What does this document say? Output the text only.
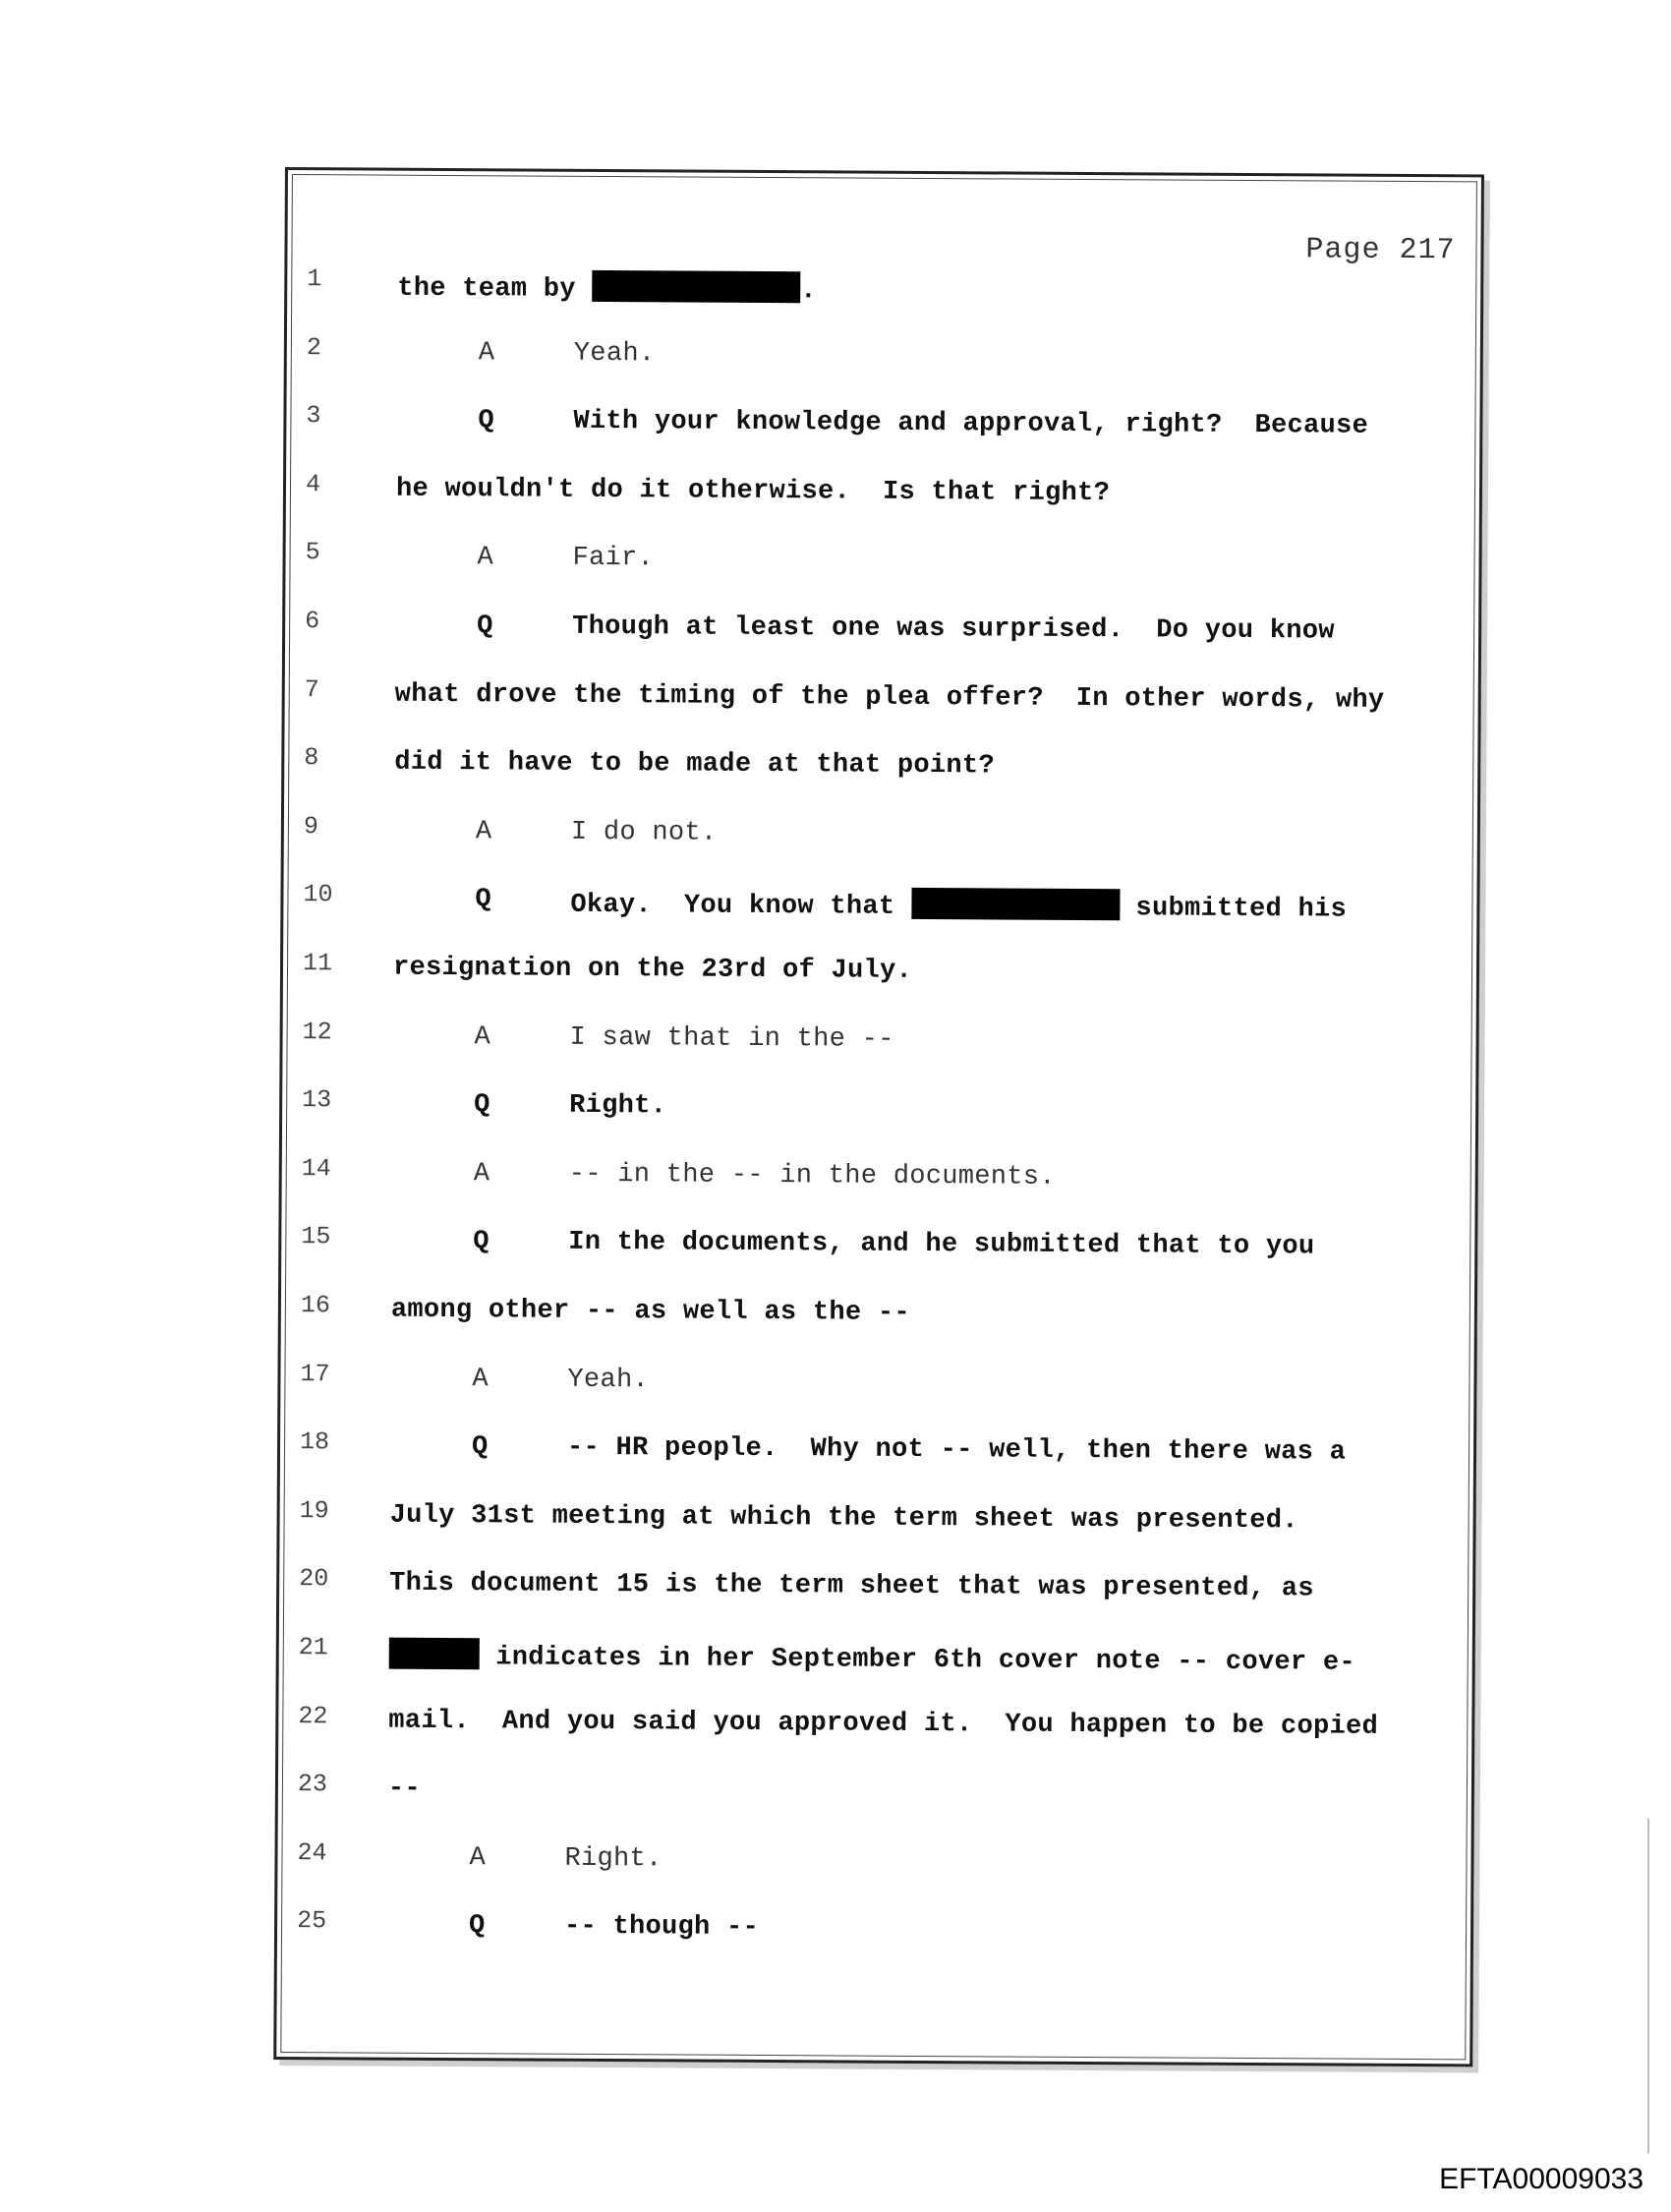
Page 217
1	the team by	.
2	A	Yeah.
3	Q	With your knowledge and approval, right?  Because
4	he wouldn't do it otherwise.  Is that right?
5	A	Fair.
6	Q	Though at least one was surprised.  Do you know
7	what drove the timing of the plea offer?  In other words, why
8	did it have to be made at that point?
9	A	I do not.
10	Q	Okay.  You know that	submitted his
11	resignation on the 23rd of July.
12	A	I saw that in the --
13	Q	Right.
14	A	-- in the -- in the documents.
15	Q	In the documents, and he submitted that to you
16	among other -- as well as the --
17	A	Yeah.
18	Q	-- HR people.  Why not -- well, then there was a
19	July 31st meeting at which the term sheet was presented.
20	This document 15 is the term sheet that was presented, as
21	indicates in her September 6th cover note -- cover e-
22	mail.  And you said you approved it.  You happen to be copied
23	--
24	A	Right.
25	Q	-- though --
EFTA00009033
